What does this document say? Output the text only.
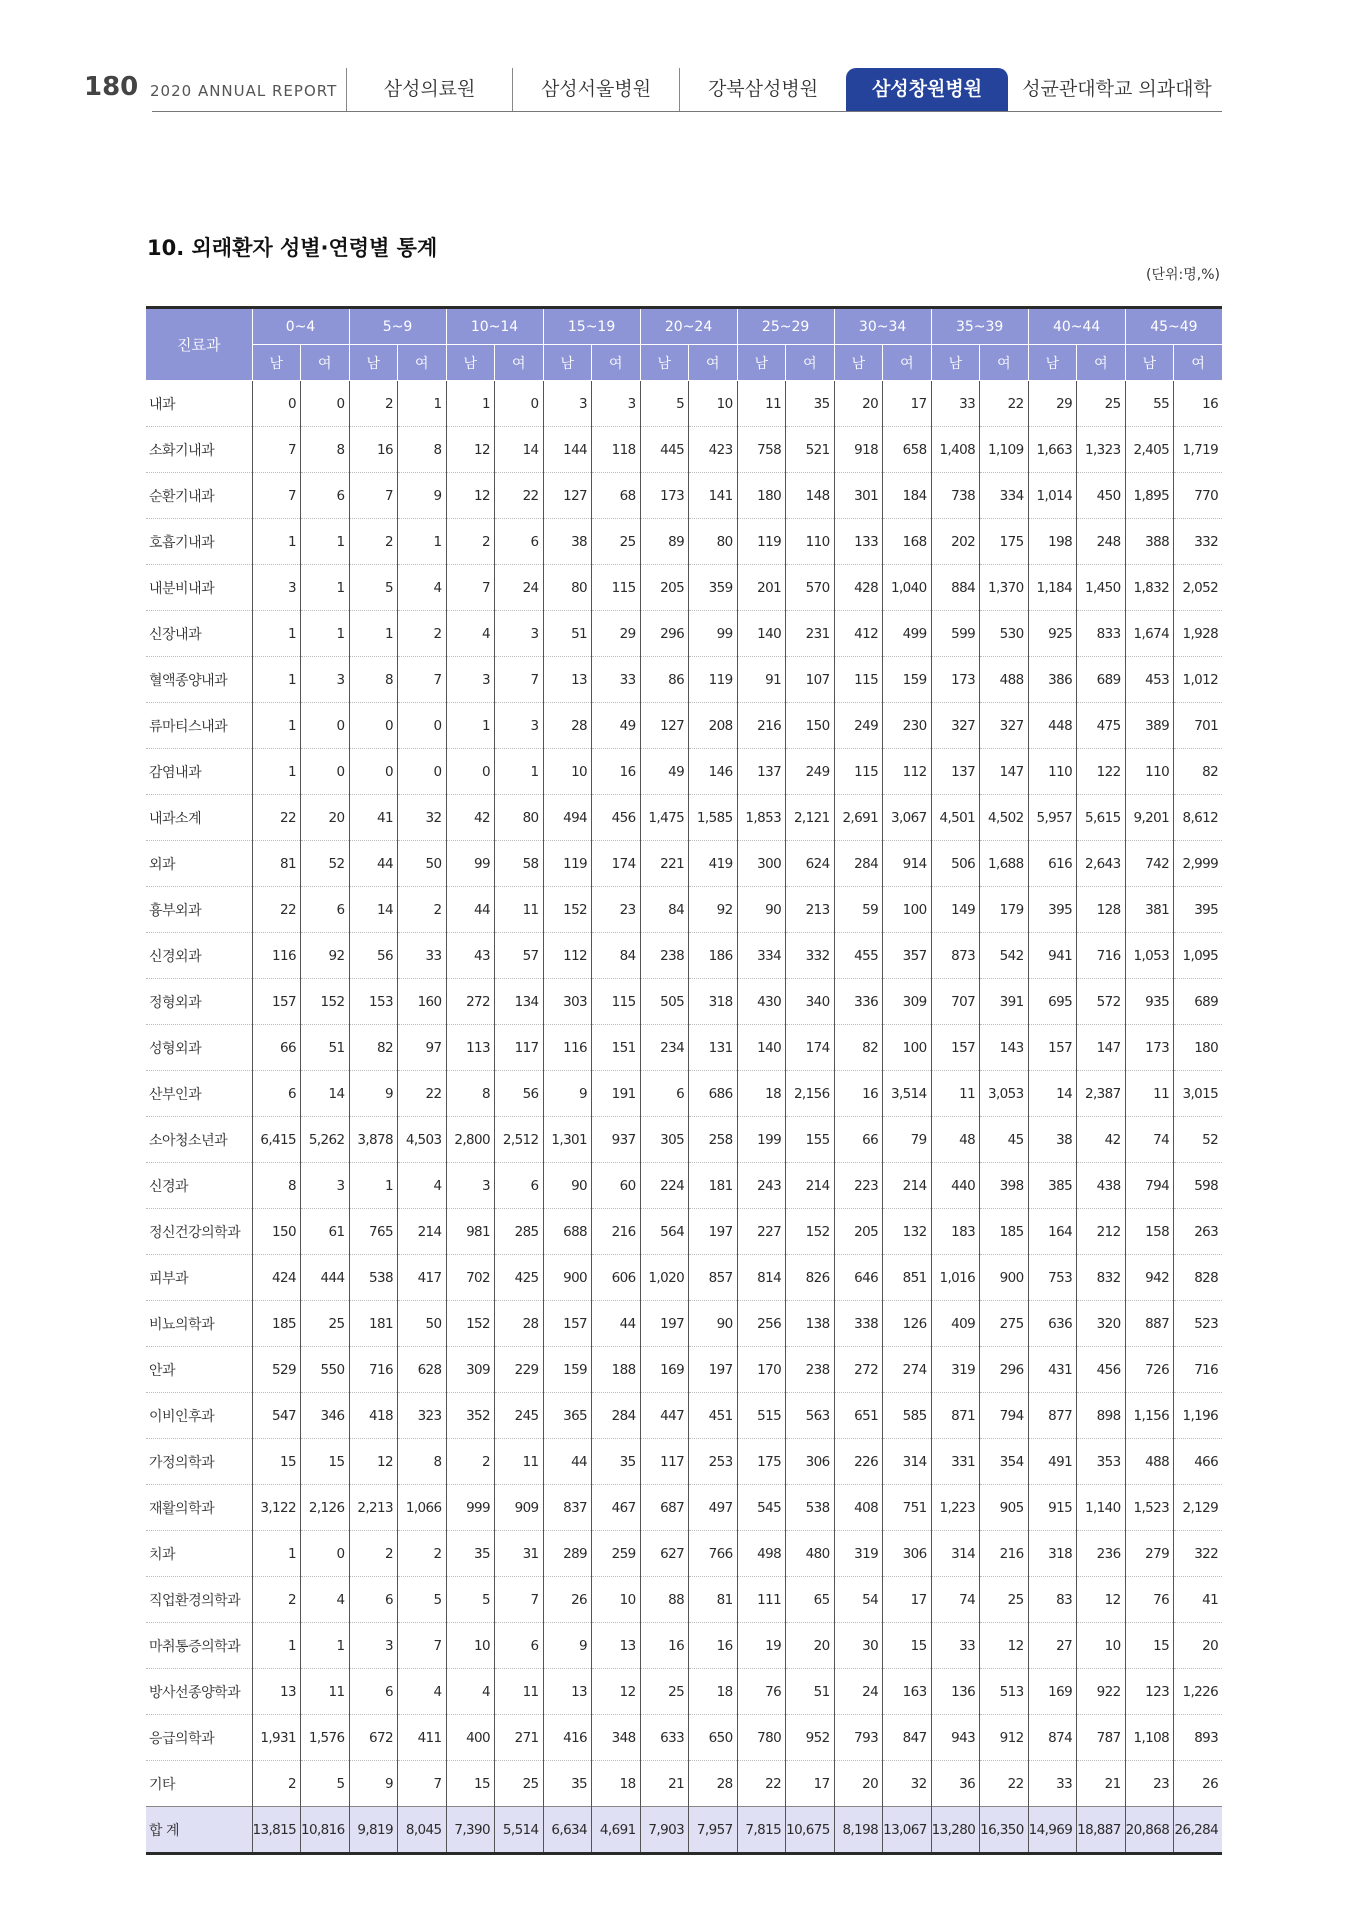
180 2020 ANNUAL REPORT	삼성의료원	삼성서울병원	강북삼성병원	삼성창원병원	성균관대학교 의과대학
10. 외래환자 성별·연령별 통계
(단위:명,%)
진료과	0~4		5~9		10~14		15~19		20~24		25~29		30~34		35~39		40~44		45~49	
	남	여	남	여	남	여	남	여	남	여	남	여	남	여	남	여	남	여	남	여
내과	0	0	2	1	1	0	3	3	5	10	11	35	20	17	33	22	29	25	55	16
소화기내과	7	8	16	8	12	14	144	118	445	423	758	521	918	658	1,408	1,109	1,663	1,323	2,405	1,719
순환기내과	7	6	7	9	12	22	127	68	173	141	180	148	301	184	738	334	1,014	450	1,895	770
호흡기내과	1	1	2	1	2	6	38	25	89	80	119	110	133	168	202	175	198	248	388	332
내분비내과	3	1	5	4	7	24	80	115	205	359	201	570	428	1,040	884	1,370	1,184	1,450	1,832	2,052
신장내과	1	1	1	2	4	3	51	29	296	99	140	231	412	499	599	530	925	833	1,674	1,928
혈액종양내과	1	3	8	7	3	7	13	33	86	119	91	107	115	159	173	488	386	689	453	1,012
류마티스내과	1	0	0	0	1	3	28	49	127	208	216	150	249	230	327	327	448	475	389	701
감염내과	1	0	0	0	0	1	10	16	49	146	137	249	115	112	137	147	110	122	110	82
내과소계	22	20	41	32	42	80	494	456	1,475	1,585	1,853	2,121	2,691	3,067	4,501	4,502	5,957	5,615	9,201	8,612
외과	81	52	44	50	99	58	119	174	221	419	300	624	284	914	506	1,688	616	2,643	742	2,999
흉부외과	22	6	14	2	44	11	152	23	84	92	90	213	59	100	149	179	395	128	381	395
신경외과	116	92	56	33	43	57	112	84	238	186	334	332	455	357	873	542	941	716	1,053	1,095
정형외과	157	152	153	160	272	134	303	115	505	318	430	340	336	309	707	391	695	572	935	689
성형외과	66	51	82	97	113	117	116	151	234	131	140	174	82	100	157	143	157	147	173	180
산부인과	6	14	9	22	8	56	9	191	6	686	18	2,156	16	3,514	11	3,053	14	2,387	11	3,015
소아청소년과	6,415	5,262	3,878	4,503	2,800	2,512	1,301	937	305	258	199	155	66	79	48	45	38	42	74	52
신경과	8	3	1	4	3	6	90	60	224	181	243	214	223	214	440	398	385	438	794	598
정신건강의학과	150	61	765	214	981	285	688	216	564	197	227	152	205	132	183	185	164	212	158	263
피부과	424	444	538	417	702	425	900	606	1,020	857	814	826	646	851	1,016	900	753	832	942	828
비뇨의학과	185	25	181	50	152	28	157	44	197	90	256	138	338	126	409	275	636	320	887	523
안과	529	550	716	628	309	229	159	188	169	197	170	238	272	274	319	296	431	456	726	716
이비인후과	547	346	418	323	352	245	365	284	447	451	515	563	651	585	871	794	877	898	1,156	1,196
가정의학과	15	15	12	8	2	11	44	35	117	253	175	306	226	314	331	354	491	353	488	466
재활의학과	3,122	2,126	2,213	1,066	999	909	837	467	687	497	545	538	408	751	1,223	905	915	1,140	1,523	2,129
치과	1	0	2	2	35	31	289	259	627	766	498	480	319	306	314	216	318	236	279	322
직업환경의학과	2	4	6	5	5	7	26	10	88	81	111	65	54	17	74	25	83	12	76	41
마취통증의학과	1	1	3	7	10	6	9	13	16	16	19	20	30	15	33	12	27	10	15	20
방사선종양학과	13	11	6	4	4	11	13	12	25	18	76	51	24	163	136	513	169	922	123	1,226
응급의학과	1,931	1,576	672	411	400	271	416	348	633	650	780	952	793	847	943	912	874	787	1,108	893
기타	2	5	9	7	15	25	35	18	21	28	22	17	20	32	36	22	33	21	23	26
합 계	13,815	10,816	9,819	8,045	7,390	5,514	6,634	4,691	7,903	7,957	7,815	10,675	8,198	13,067	13,280	16,350	14,969	18,887	20,868	26,284
